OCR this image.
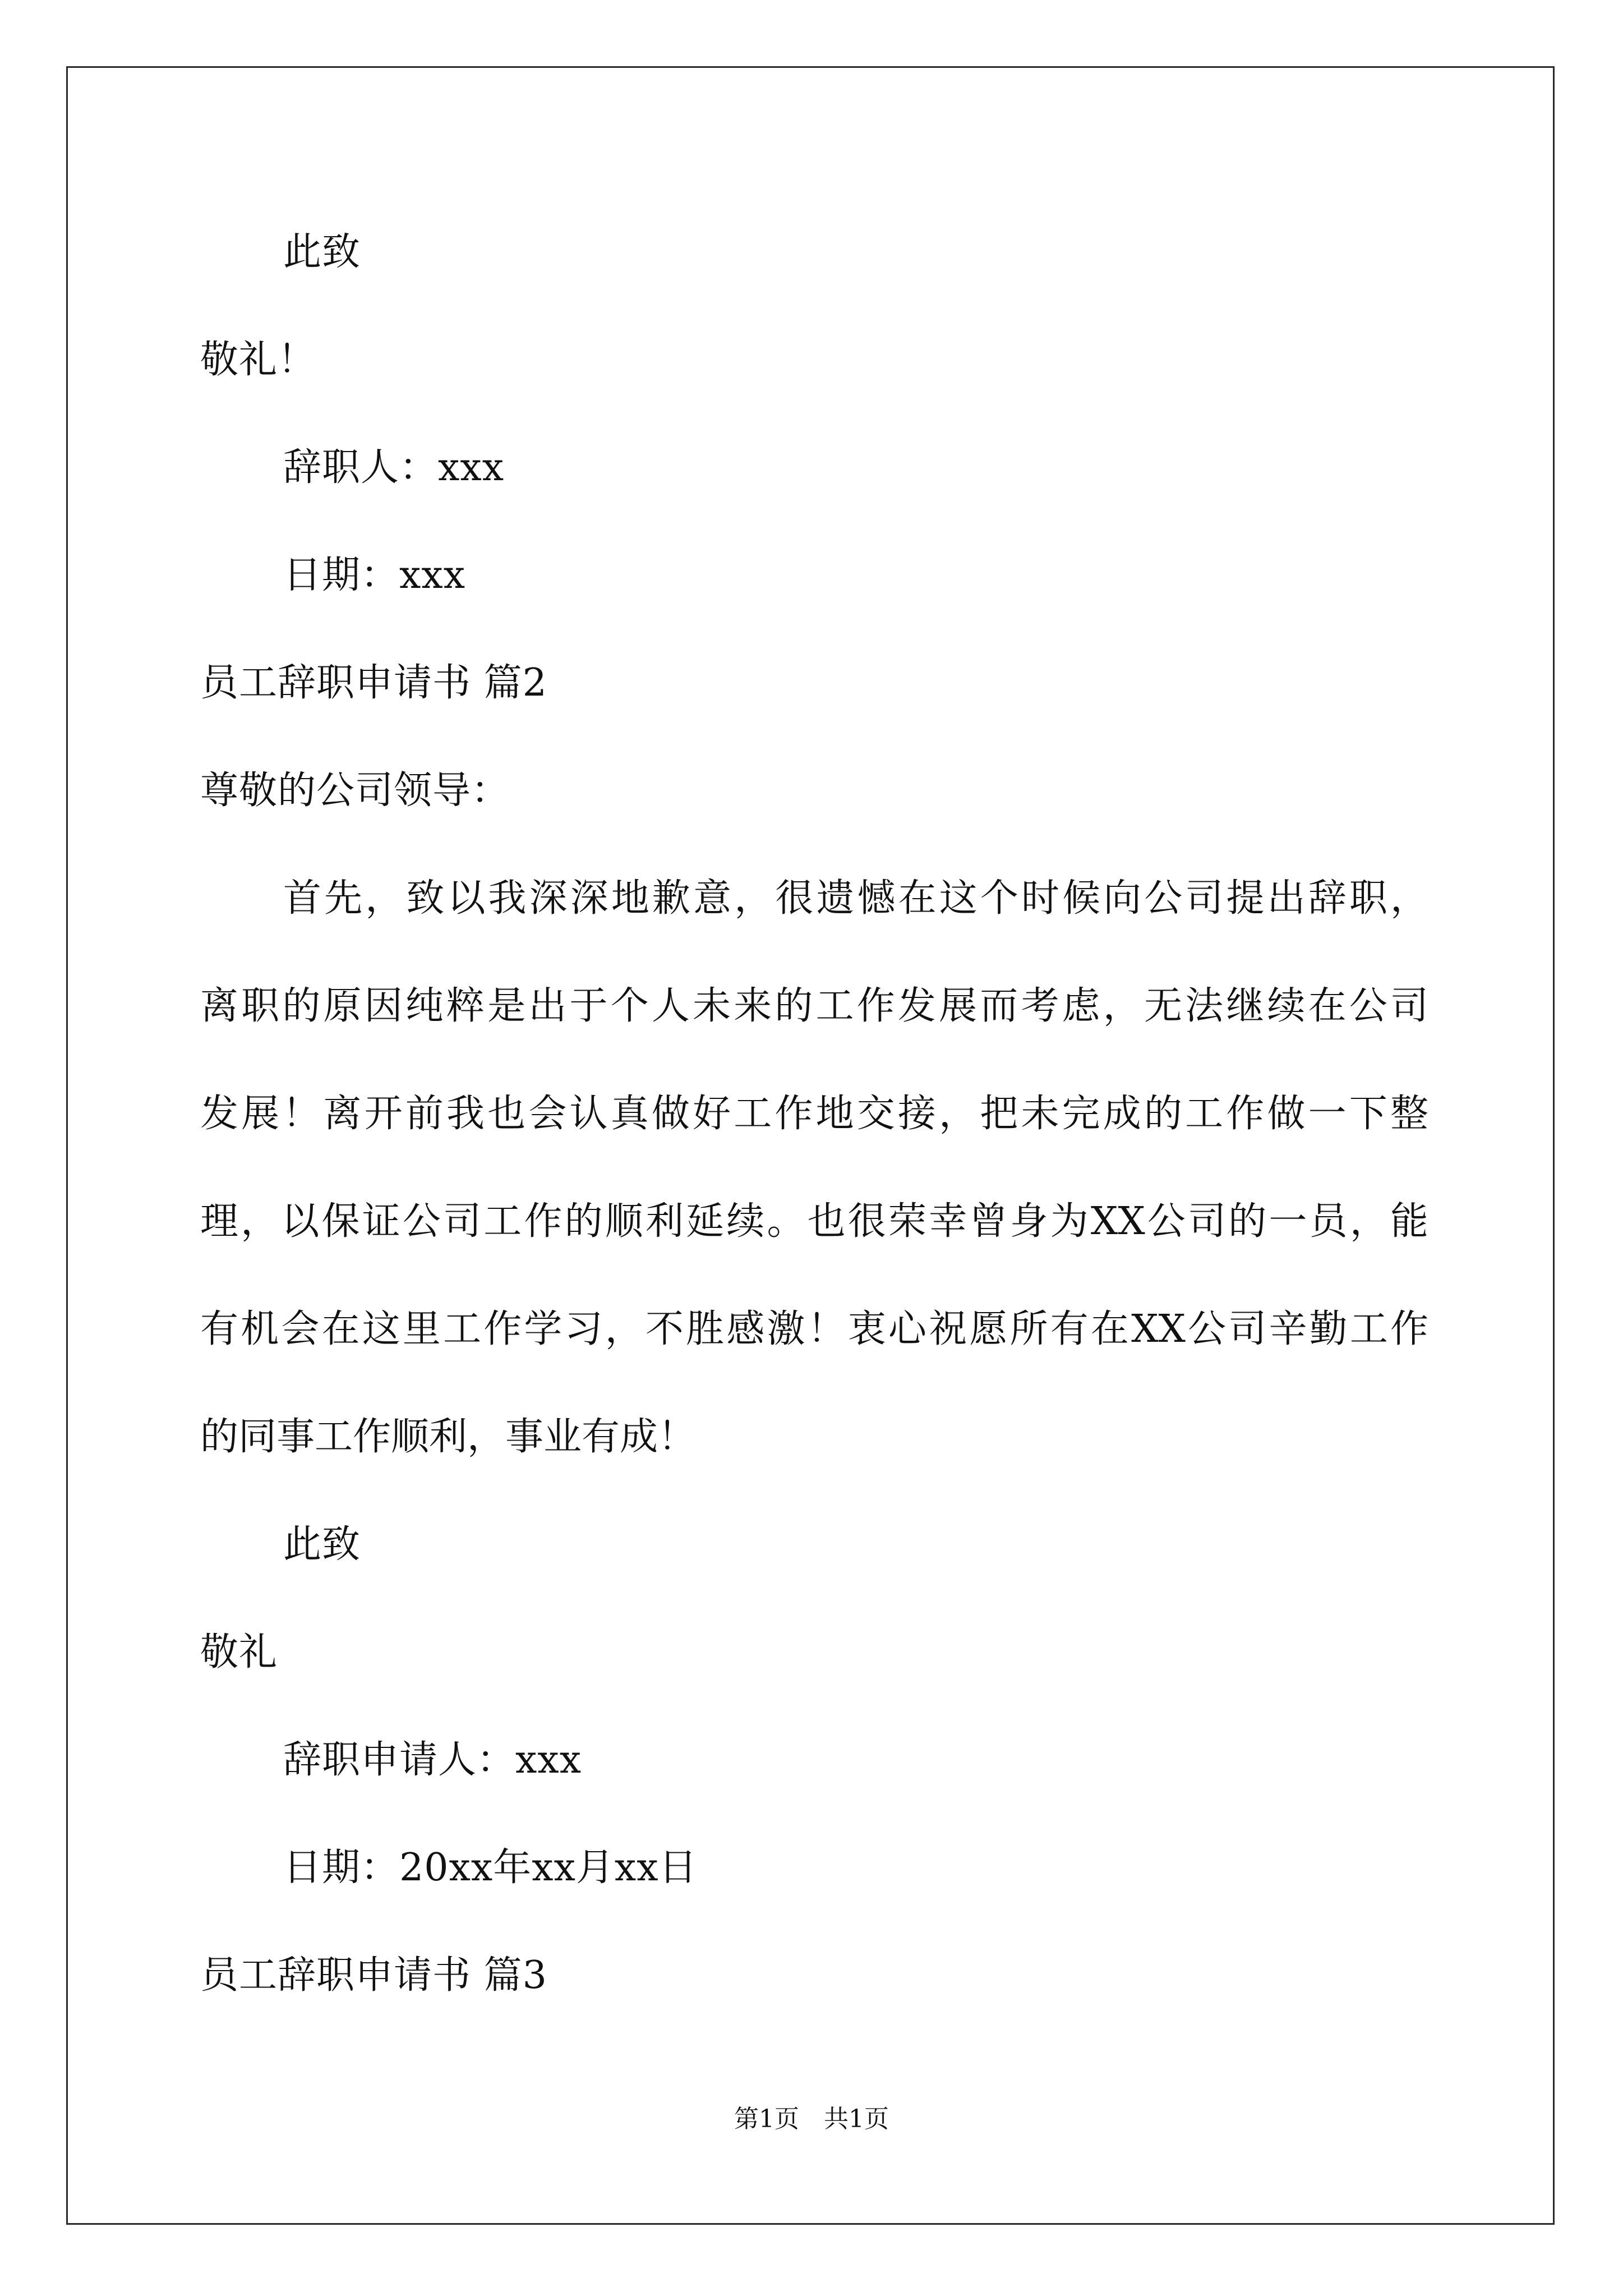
此致
敬礼！
辞职人：xxx
日期：xxx
员工辞职申请书 篇2
尊敬的公司领导：
首先，致以我深深地歉意，很遗憾在这个时候向公司提出辞职，
离职的原因纯粹是出于个人未来的工作发展而考虑，无法继续在公司
发展！离开前我也会认真做好工作地交接，把未完成的工作做一下整
理，以保证公司工作的顺利延续。也很荣幸曾身为XX公司的一员，能
有机会在这里工作学习，不胜感激！衷心祝愿所有在XX公司辛勤工作
的同事工作顺利，事业有成！
此致
敬礼
辞职申请人：xxx
日期：20xx年xx月xx日
员工辞职申请书 篇3
第1页　共1页
